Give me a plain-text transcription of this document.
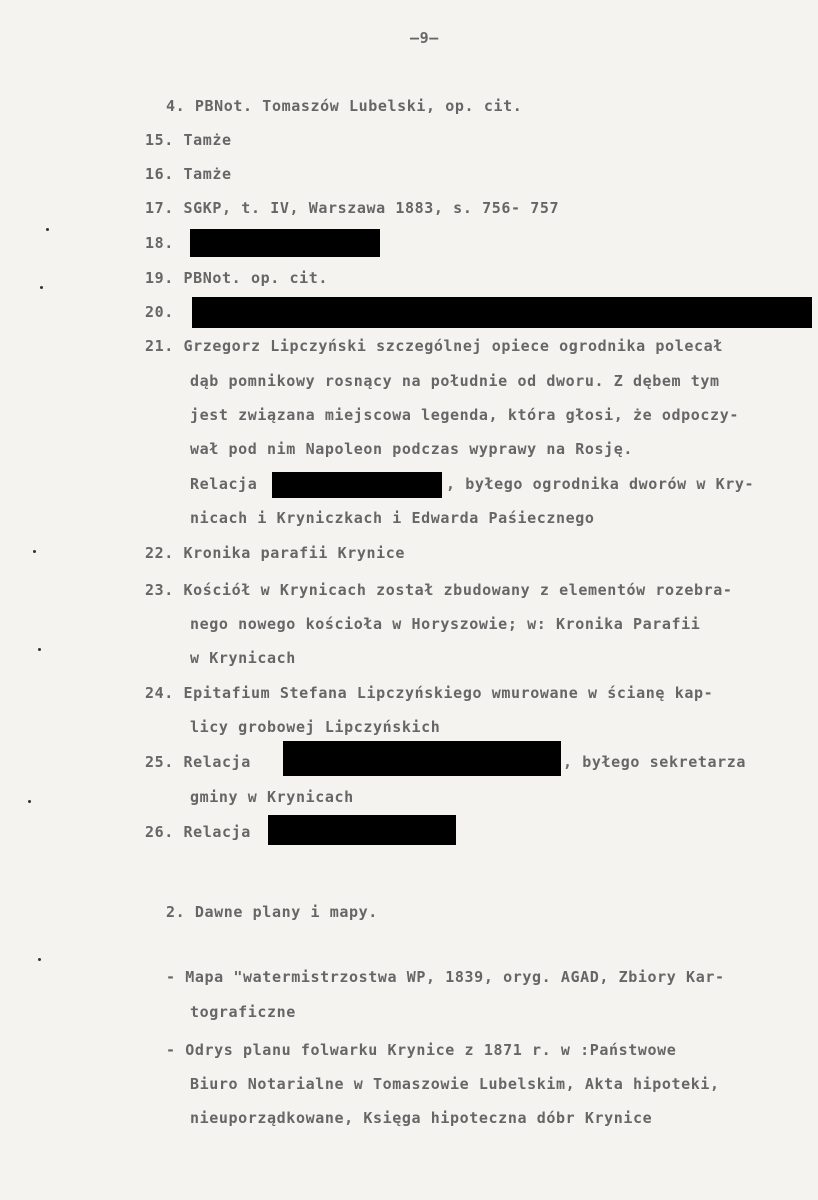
—9—
4. PBNot. Tomaszów Lubelski, op. cit.
15. Tamże
16. Tamże
17. SGKP, t. IV, Warszawa 1883, s. 756- 757
18.
19. PBNot. op. cit.
20.
21. Grzegorz Lipczyński szczególnej opiece ogrodnika polecał
dąb pomnikowy rosnący na południe od dworu. Z dębem tym
jest związana miejscowa legenda, która głosi, że odpoczy-
wał pod nim Napoleon podczas wyprawy na Rosję.
Relacja	, byłego ogrodnika dworów w Kry-
nicach i Kryniczkach i Edwarda Paśiecznego
22. Kronika parafii Krynice
23. Kościół w Krynicach został zbudowany z elementów rozebra-
nego nowego kościoła w Horyszowie; w: Kronika Parafii
w Krynicach
24. Epitafium Stefana Lipczyńskiego wmurowane w ścianę kap-
licy grobowej Lipczyńskich
25. Relacja	, byłego sekretarza
gminy w Krynicach
26. Relacja
2. Dawne plany i mapy.
- Mapa "watermistrzostwa WP, 1839, oryg. AGAD, Zbiory Kar-
tograficzne
- Odrys planu folwarku Krynice z 1871 r. w :Państwowe
Biuro Notarialne w Tomaszowie Lubelskim, Akta hipoteki,
nieuporządkowane, Księga hipoteczna dóbr Krynice
